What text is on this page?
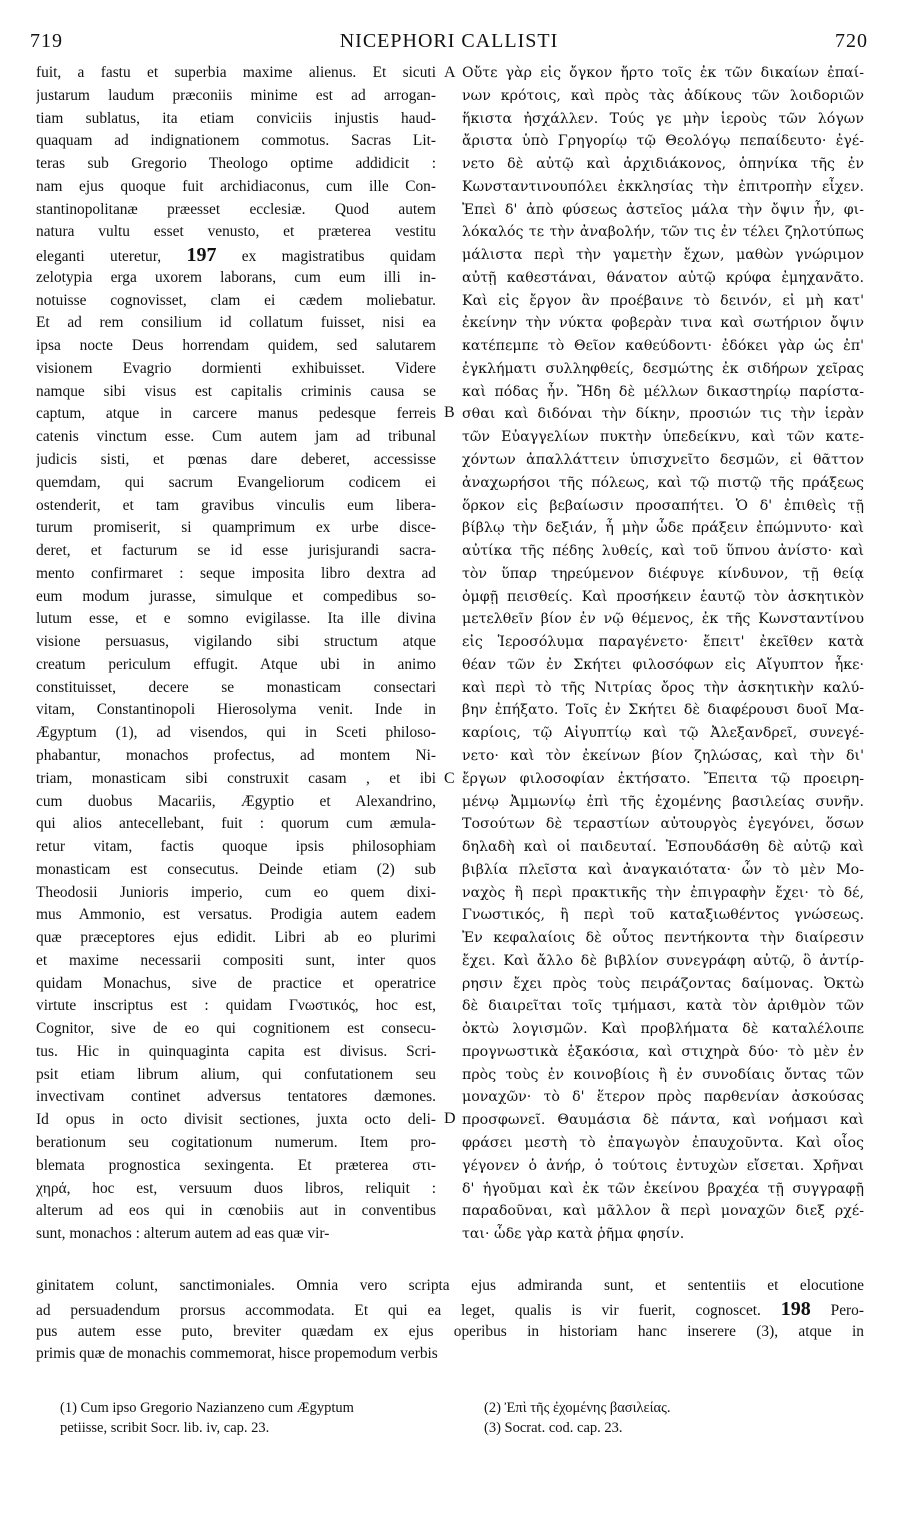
719	NICEPHORI CALLISTI	720
fuit, a fastu et superbia maxime alienus. Et sicuti
justarum laudum præconiis minime est ad arrogan-
tiam sublatus, ita etiam conviciis injustis haud-
quaquam ad indignationem commotus. Sacras Lit-
teras sub Gregorio Theologo optime addidicit :
nam ejus quoque fuit archidiaconus, cum ille Con-
stantinopolitanæ præesset ecclesiæ. Quod autem
natura vultu esset venusto, et præterea vestitu
eleganti uteretur, 197 ex magistratibus quidam
zelotypia erga uxorem laborans, cum eum illi in-
notuisse cognovisset, clam ei cædem moliebatur.
Et ad rem consilium id collatum fuisset, nisi ea
ipsa nocte Deus horrendam quidem, sed salutarem
visionem Evagrio dormienti exhibuisset. Videre
namque sibi visus est capitalis criminis causa se
captum, atque in carcere manus pedesque ferreis
catenis vinctum esse. Cum autem jam ad tribunal
judicis sisti, et pœnas dare deberet, accessisse
quemdam, qui sacrum Evangeliorum codicem ei
ostenderit, et tam gravibus vinculis eum libera-
turum promiserit, si quamprimum ex urbe disce-
deret, et facturum se id esse jurisjurandi sacra-
mento confirmaret : seque imposita libro dextra ad
eum modum jurasse, simulque et compedibus so-
lutum esse, et e somno evigilasse. Ita ille divina
visione persuasus, vigilando sibi structum atque
creatum periculum effugit. Atque ubi in animo
constituisset, decere se monasticam consectari
vitam, Constantinopoli Hierosolyma venit. Inde in
Ægyptum (1), ad visendos, qui in Sceti philoso-
phabantur, monachos profectus, ad montem Ni-
triam, monasticam sibi construxit casam , et ibi
cum duobus Macariis, Ægyptio et Alexandrino,
qui alios antecellebant, fuit : quorum cum æmula-
retur vitam, factis quoque ipsis philosophiam
monasticam est consecutus. Deinde etiam (2) sub
Theodosii Junioris imperio, cum eo quem dixi-
mus Ammonio, est versatus. Prodigia autem eadem
quæ præceptores ejus edidit. Libri ab eo plurimi
et maxime necessarii compositi sunt, inter quos
quidam Monachus, sive de practice et operatrice
virtute inscriptus est : quidam Γνωστικός, hoc est,
Cognitor, sive de eo qui cognitionem est consecu-
tus. Hic in quinquaginta capita est divisus. Scri-
psit etiam librum alium, qui confutationem seu
invectivam continet adversus tentatores dæmones.
Id opus in octo divisit sectiones, juxta octo deli-
berationum seu cogitationum numerum. Item pro-
blemata prognostica sexingenta. Et præterea στι-
χηρά, hoc est, versuum duos libros, reliquit :
alterum ad eos qui in cœnobiis aut in conventibus
sunt, monachos : alterum autem ad eas quæ vir-
Οὔτε γὰρ εἰς ὄγκον ἤρτο τοῖς ἐκ τῶν δικαίων ἐπαί-
νων κρότοις, καὶ πρὸς τὰς ἀδίκους τῶν λοιδοριῶν
ἥκιστα ἠσχάλλεν. Τούς γε μὴν ἱεροὺς τῶν λόγων
ἄριστα ὑπὸ Γρηγορίῳ τῷ Θεολόγῳ πεπαίδευτο· ἐγέ-
νετο δὲ αὐτῷ καὶ ἀρχιδιάκονος, ὁπηνίκα τῆς ἐν
Κωνσταντινουπόλει ἐκκλησίας τὴν ἐπιτροπὴν εἶχεν.
Ἐπεὶ δ' ἀπὸ φύσεως ἀστεῖος μάλα τὴν ὄψιν ἦν, φι-
λόκαλός τε τὴν ἀναβολήν, τῶν τις ἐν τέλει ζηλοτύπως
μάλιστα περὶ τὴν γαμετὴν ἔχων, μαθὼν γνώριμον
αὐτῇ καθεστάναι, θάνατον αὐτῷ κρύφα ἐμηχανᾶτο.
Καὶ εἰς ἔργον ἂν προέβαινε τὸ δεινόν, εἰ μὴ κατ'
ἐκείνην τὴν νύκτα φοβερὰν τινα καὶ σωτήριον ὄψιν
κατέπεμπε τὸ Θεῖον καθεύδοντι· ἐδόκει γὰρ ὡς ἐπ'
ἐγκλήματι συλληφθείς, δεσμώτης ἐκ σιδήρων χεῖρας
καὶ πόδας ἦν. Ἤδη δὲ μέλλων δικαστηρίῳ παρίστα-
σθαι καὶ διδόναι τὴν δίκην, προσιών τις τὴν ἱερὰν
τῶν Εὐαγγελίων πυκτὴν ὑπεδείκνυ, καὶ τῶν κατε-
χόντων ἀπαλλάττειν ὑπισχνεῖτο δεσμῶν, εἰ θᾶττον
ἀναχωρήσοι τῆς πόλεως, καὶ τῷ πιστῷ τῆς πράξεως
ὅρκον εἰς βεβαίωσιν προσαπήτει. Ὁ δ' ἐπιθεὶς τῇ
βίβλῳ τὴν δεξιάν, ἦ μὴν ὧδε πράξειν ἐπώμνυτο· καὶ
αὐτίκα τῆς πέδης λυθείς, καὶ τοῦ ὕπνου ἀνίστο· καὶ
τὸν ὕπαρ τηρεύμενον διέφυγε κίνδυνον, τῇ θείᾳ
ὀμφῇ πεισθείς. Καὶ προσήκειν ἑαυτῷ τὸν ἀσκητικὸν
μετελθεῖν βίον ἐν νῷ θέμενος, ἐκ τῆς Κωνσταντίνου
εἰς Ἱεροσόλυμα παραγένετο· ἔπειτ' ἐκεῖθεν κατὰ
θέαν τῶν ἐν Σκήτει φιλοσόφων εἰς Αἴγυπτον ἧκε·
καὶ περὶ τὸ τῆς Νιτρίας ὄρος τὴν ἀσκητικὴν καλύ-
βην ἐπήξατο. Τοῖς ἐν Σκήτει δὲ διαφέρουσι δυοῖ Μα-
καρίοις, τῷ Αἰγυπτίῳ καὶ τῷ Ἀλεξανδρεῖ, συνεγέ-
νετο· καὶ τὸν ἐκείνων βίον ζηλώσας, καὶ τὴν δι'
ἔργων φιλοσοφίαν ἐκτήσατο. Ἔπειτα τῷ προειρη-
μένῳ Ἀμμωνίῳ ἐπὶ τῆς ἐχομένης βασιλείας συνῆν.
Τοσούτων δὲ τεραστίων αὐτουργὸς ἐγεγόνει, ὅσων
δηλαδὴ καὶ οἱ παιδευταί. Ἐσπουδάσθη δὲ αὐτῷ καὶ
βιβλία πλεῖστα καὶ ἀναγκαιότατα· ὧν τὸ μὲν Μο-
ναχὸς ἢ περὶ πρακτικῆς τὴν ἐπιγραφὴν ἔχει· τὸ δέ,
Γνωστικός, ἢ περὶ τοῦ καταξιωθέντος γνώσεως.
Ἐν κεφαλαίοις δὲ οὗτος πεντήκοντα τὴν διαίρεσιν
ἔχει. Καὶ ἄλλο δὲ βιβλίον συνεγράφη αὐτῷ, ὃ ἀντίρ-
ρησιν ἔχει πρὸς τοὺς πειράζοντας δαίμονας. Ὀκτὼ
δὲ διαιρεῖται τοῖς τμήμασι, κατὰ τὸν ἀριθμὸν τῶν
ὀκτὼ λογισμῶν. Καὶ προβλήματα δὲ καταλέλοιπε
προγνωστικὰ ἑξακόσια, καὶ στιχηρὰ δύο· τὸ μὲν ἐν
πρὸς τοὺς ἐν κοινοβίοις ἢ ἐν συνοδίαις ὄντας τῶν
μοναχῶν· τὸ δ' ἕτερον πρὸς παρθενίαν ἀσκούσας
προσφωνεῖ. Θαυμάσια δὲ πάντα, καὶ νοήμασι καὶ
φράσει μεστὴ τὸ ἐπαγωγὸν ἐπαυχοῦντα. Καὶ οἷος
γέγονεν ὁ ἀνήρ, ὁ τούτοις ἐντυχὼν εἴσεται. Χρῆναι
δ' ἡγοῦμαι καὶ ἐκ τῶν ἐκείνου βραχέα τῇ συγγραφῇ
παραδοῦναι, καὶ μᾶλλον ἃ περὶ μοναχῶν διεξ ρχέ-
ται· ὧδε γὰρ κατὰ ῥῆμα φησίν.
A
B
C
D
ginitatem colunt, sanctimoniales. Omnia vero scripta ejus admiranda sunt, et sententiis et elocutione
ad persuadendum prorsus accommodata. Et qui ea leget, qualis is vir fuerit, cognoscet. 198 Pero-
pus autem esse puto, breviter quædam ex ejus operibus in historiam hanc inserere (3), atque in
primis quæ de monachis commemorat, hisce propemodum verbis
(1) Cum ipso Gregorio Nazianzeno cum Ægyptum
petiisse, scribit Socr. lib. iv, cap. 23.
(2) Ἐπὶ τῆς ἐχομένης βασιλείας.
(3) Socrat. cod. cap. 23.
